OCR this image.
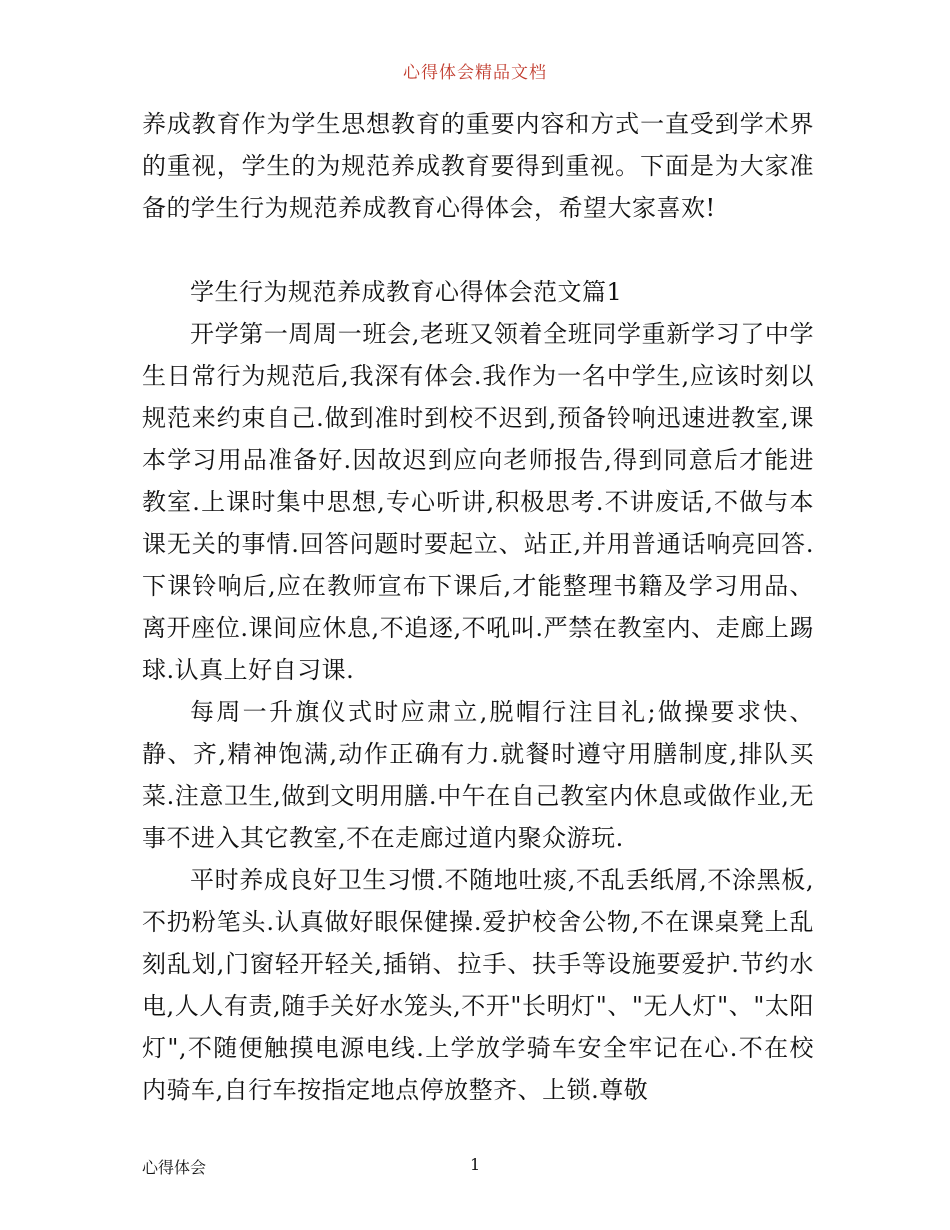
心得体会精品文档

养成教育作为学生思想教育的重要内容和方式一直受到学术界的重视，学生的为规范养成教育要得到重视。下面是为大家准备的学生行为规范养成教育心得体会，希望大家喜欢!

学生行为规范养成教育心得体会范文篇1

开学第一周周一班会,老班又领着全班同学重新学习了中学生日常行为规范后,我深有体会.我作为一名中学生,应该时刻以规范来约束自己.做到准时到校不迟到,预备铃响迅速进教室,课本学习用品准备好.因故迟到应向老师报告,得到同意后才能进教室.上课时集中思想,专心听讲,积极思考.不讲废话,不做与本课无关的事情.回答问题时要起立、站正,并用普通话响亮回答.下课铃响后,应在教师宣布下课后,才能整理书籍及学习用品、离开座位.课间应休息,不追逐,不吼叫.严禁在教室内、走廊上踢球.认真上好自习课.

每周一升旗仪式时应肃立,脱帽行注目礼;做操要求快、静、齐,精神饱满,动作正确有力.就餐时遵守用膳制度,排队买菜.注意卫生,做到文明用膳.中午在自己教室内休息或做作业,无事不进入其它教室,不在走廊过道内聚众游玩.

平时养成良好卫生习惯.不随地吐痰,不乱丢纸屑,不涂黑板,不扔粉笔头.认真做好眼保健操.爱护校舍公物,不在课桌凳上乱刻乱划,门窗轻开轻关,插销、拉手、扶手等设施要爱护.节约水电,人人有责,随手关好水笼头,不开"长明灯"、"无人灯"、"太阳灯",不随便触摸电源电线.上学放学骑车安全牢记在心.不在校内骑车,自行车按指定地点停放整齐、上锁.尊敬

心得体会	1
